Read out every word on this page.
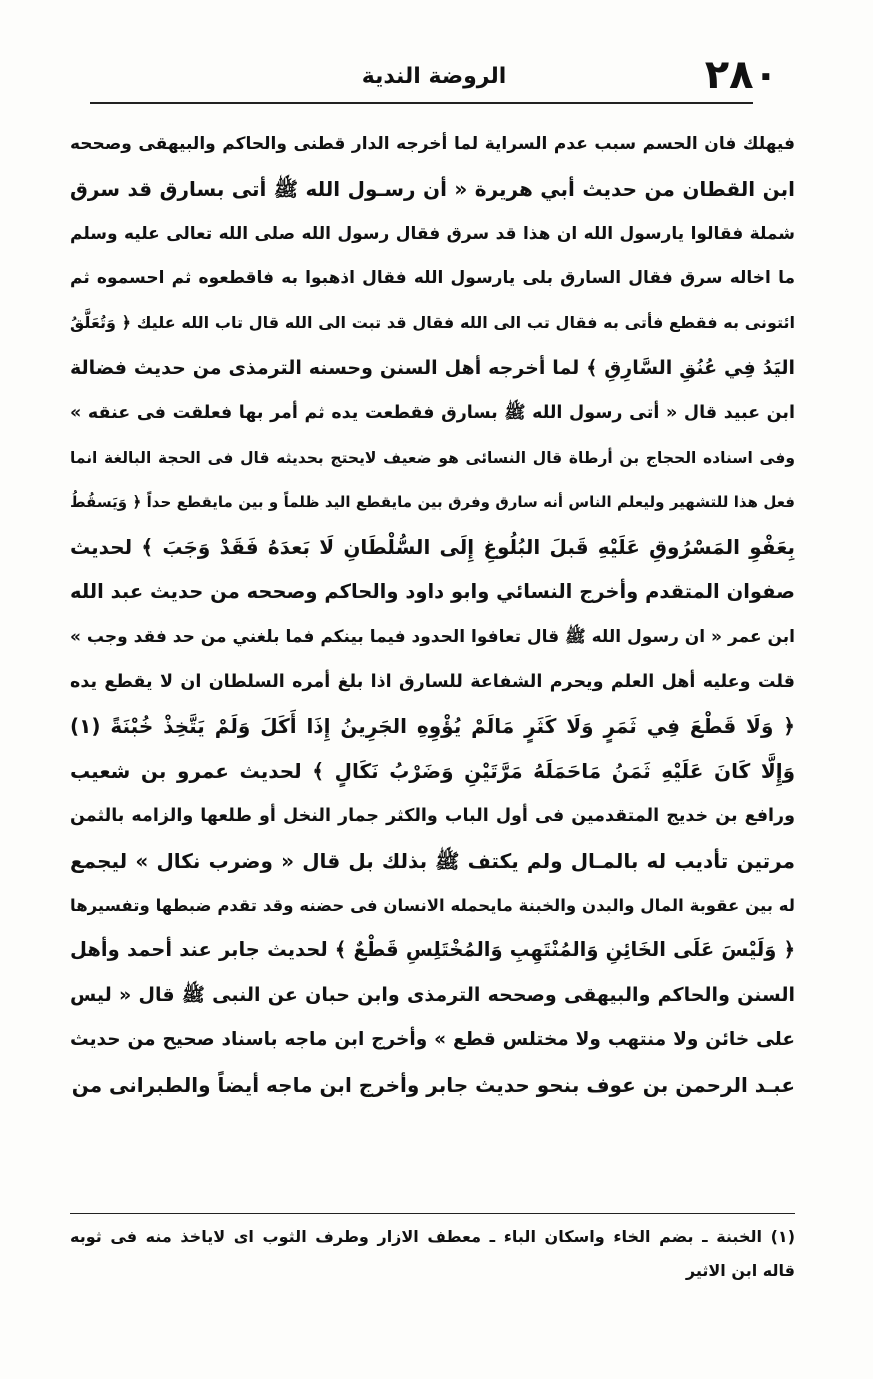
٢٨٠
الروضة الندية
فيهلك فان الحسم سبب عدم السراية لما أخرجه الدار قطنى والحاكم والبيهقى وصححه
ابن القطان من حديث أبي هريرة « أن رسـول الله ﷺ أتى بسارق قد سرق
شملة فقالوا يارسول الله ان هذا قد سرق فقال رسول الله صلى الله تعالى عليه وسلم
ما اخاله سرق فقال السارق بلى يارسول الله فقال اذهبوا به فاقطعوه ثم احسموه ثم
ائتونى به فقطع فأتى به فقال تب الى الله فقال قد تبت الى الله قال تاب الله عليك ﴿ وَتُعَلَّقُ
اليَدُ فِي عُنُقِ السَّارِقِ ﴾ لما أخرجه أهل السنن وحسنه الترمذى من حديث فضالة
ابن عبيد قال « أتى رسول الله ﷺ بسارق فقطعت يده ثم أمر بها فعلقت فى عنقه »
وفى اسناده الحجاج بن أرطاة قال النسائى هو ضعيف لايحتج بحديثه قال فى الحجة البالغة انما
فعل هذا للتشهير وليعلم الناس أنه سارق وفرق بين مايقطع اليد ظلماً و بين مايقطع حداً ﴿ وَيَسقُطُ
بِعَفْوِ المَسْرُوقِ عَلَيْهِ قَبلَ البُلُوغِ إِلَى السُّلْطَانِ لَا بَعدَهُ فَقَدْ وَجَبَ ﴾ لحديث
صفوان المتقدم وأخرج النسائي وابو داود والحاكم وصححه من حديث عبد الله
ابن عمر « ان رسول الله ﷺ قال تعافوا الحدود فيما بينكم فما بلغني من حد فقد وجب »
قلت وعليه أهل العلم ويحرم الشفاعة للسارق اذا بلغ أمره السلطان ان لا يقطع يده
﴿ وَلَا قَطْعَ فِي ثَمَرٍ وَلَا كَثَرٍ مَالَمْ يُؤْوِهِ الجَرِينُ إِذَا أَكَلَ وَلَمْ يَتَّخِذْ خُبْنَةً (١)
وَإِلَّا كَانَ عَلَيْهِ ثَمَنُ مَاحَمَلَهُ مَرَّتَيْنِ وَضَرْبُ نَكَالٍ ﴾ لحديث عمرو بن شعيب
ورافع بن خديج المتقدمين فى أول الباب والكثر جمار النخل أو طلعها والزامه بالثمن
مرتين تأديب له بالمـال ولم يكتف ﷺ بذلك بل قال « وضرب نكال » ليجمع
له بين عقوبة المال والبدن والخبنة مايحمله الانسان فى حضنه وقد تقدم ضبطها وتفسيرها
﴿ وَلَيْسَ عَلَى الخَائِنِ وَالمُنْتَهِبِ وَالمُخْتَلِسِ قَطْعٌ ﴾ لحديث جابر عند أحمد وأهل
السنن والحاكم والبيهقى وصححه الترمذى وابن حبان عن النبى ﷺ قال « ليس
على خائن ولا منتهب ولا مختلس قطع » وأخرج ابن ماجه باسناد صحيح من حديث
عبـد الرحمن بن عوف بنحو حديث جابر وأخرج ابن ماجه أيضاً والطبرانى من
(١) الخبنة ـ بضم الخاء واسكان الباء ـ معطف الازار وطرف الثوب اى لاياخذ منه فى ثوبه
قاله ابن الاثير
